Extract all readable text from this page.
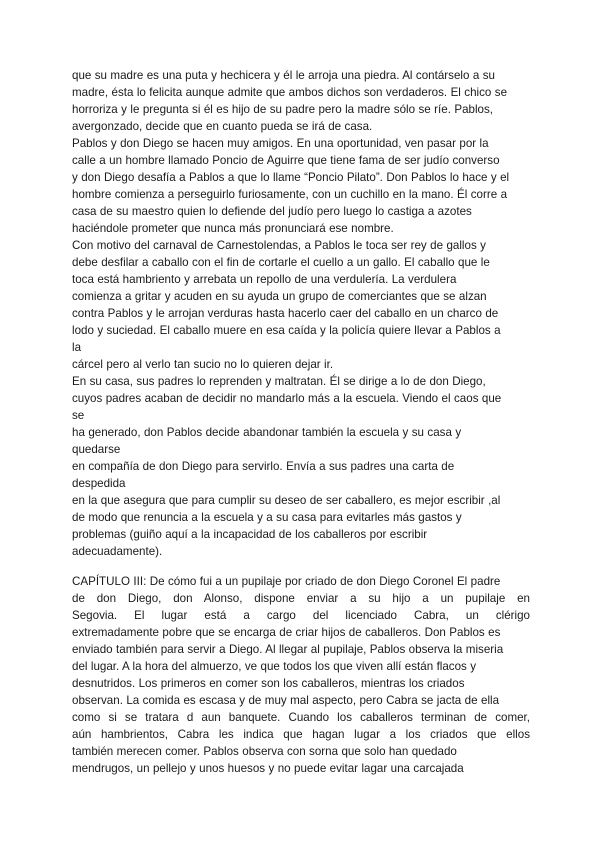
que su madre es una puta y hechicera y él le arroja una piedra. Al contárselo a su
madre, ésta lo felicita aunque admite que ambos dichos son verdaderos. El chico se
horroriza y le pregunta si él es hijo de su padre pero la madre sólo se ríe. Pablos,
avergonzado, decide que en cuanto pueda se irá de casa.
Pablos y don Diego se hacen muy amigos. En una oportunidad, ven pasar por la
calle a un hombre llamado Poncio de Aguirre que tiene fama de ser judío converso
y don Diego desafía a Pablos a que lo llame “Poncio Pilato”. Don Pablos lo hace y el
hombre comienza a perseguirlo furiosamente, con un cuchillo en la mano. Él corre a
casa de su maestro quien lo defiende del judío pero luego lo castiga a azotes
haciéndole prometer que nunca más pronunciará ese nombre.
Con motivo del carnaval de Carnestolendas, a Pablos le toca ser rey de gallos y
debe desfilar a caballo con el fin de cortarle el cuello a un gallo. El caballo que le
toca está hambriento y arrebata un repollo de una verdulería. La verdulera
comienza a gritar y acuden en su ayuda un grupo de comerciantes que se alzan
contra Pablos y le arrojan verduras hasta hacerlo caer del caballo en un charco de
lodo y suciedad. El caballo muere en esa caída y la policía quiere llevar a Pablos a
la
cárcel pero al verlo tan sucio no lo quieren dejar ir.
En su casa, sus padres lo reprenden y maltratan. Él se dirige a lo de don Diego,
cuyos padres acaban de decidir no mandarlo más a la escuela. Viendo el caos que
se
ha generado, don Pablos decide abandonar también la escuela y su casa y
quedarse
en compañía de don Diego para servirlo. Envía a sus padres una carta de
despedida
en la que asegura que para cumplir su deseo de ser caballero, es mejor escribir ,al
de modo que renuncia a la escuela y a su casa para evitarles más gastos y
problemas (guiño aquí a la incapacidad de los caballeros por escribir
adecuadamente).
CAPÍTULO III: De cómo fui a un pupilaje por criado de don Diego Coronel El padre
de don Diego, don Alonso, dispone enviar a su hijo a un pupilaje en
Segovia. El lugar está a cargo del licenciado Cabra, un clérigo
extremadamente pobre que se encarga de criar hijos de caballeros. Don Pablos es
enviado también para servir a Diego. Al llegar al pupilaje, Pablos observa la miseria
del lugar. A la hora del almuerzo, ve que todos los que viven allí están flacos y
desnutridos. Los primeros en comer son los caballeros, mientras los criados
observan. La comida es escasa y de muy mal aspecto, pero Cabra se jacta de ella
como si se tratara d aun banquete. Cuando los caballeros terminan de comer,
aún hambrientos, Cabra les indica que hagan lugar a los criados que ellos
también merecen comer. Pablos observa con sorna que solo han quedado
mendrugos, un pellejo y unos huesos y no puede evitar lagar una carcajada
